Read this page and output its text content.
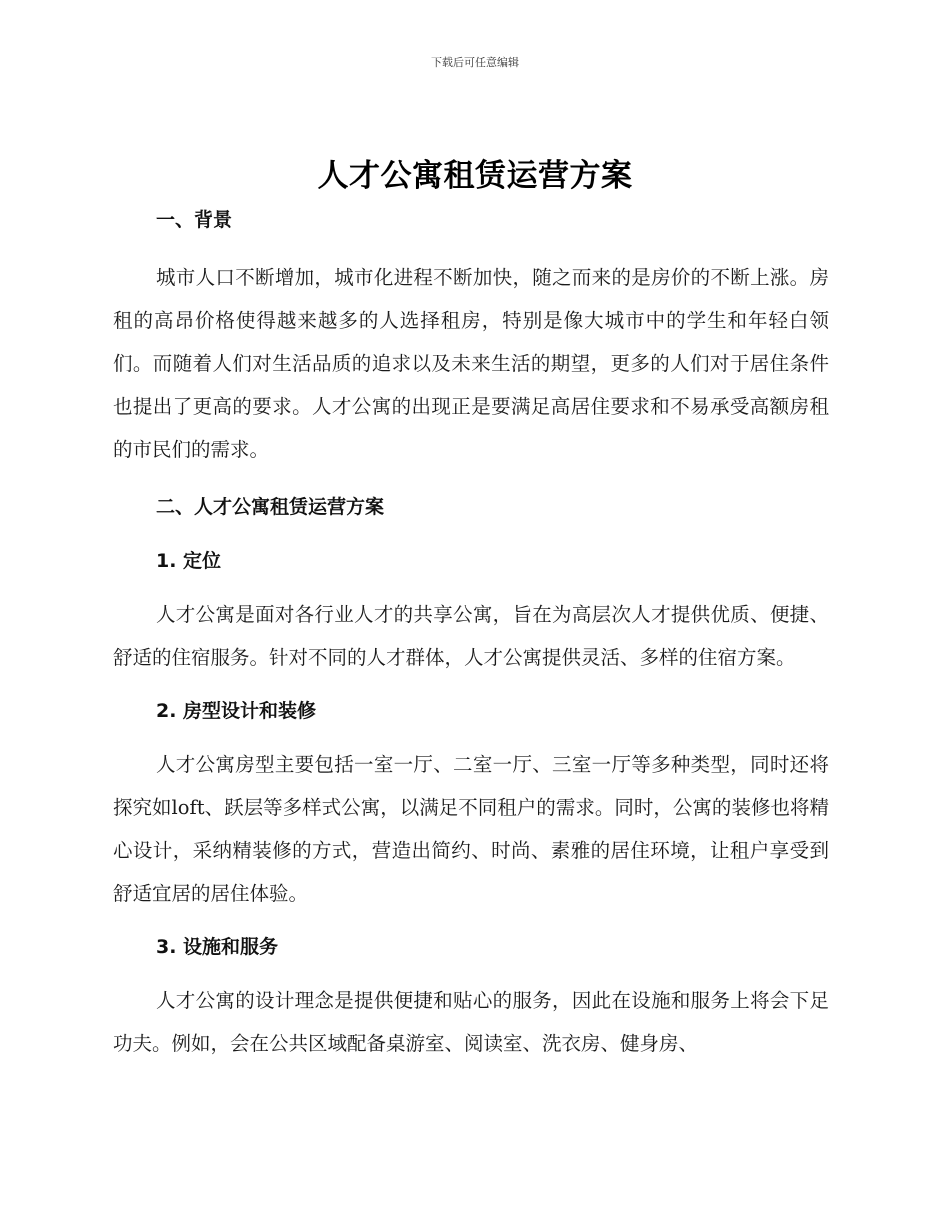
下载后可任意编辑
人才公寓租赁运营方案
一、背景

城市人口不断增加，城市化进程不断加快，随之而来的是房价的不断上涨。房租的高昂价格使得越来越多的人选择租房，特别是像大城市中的学生和年轻白领们。而随着人们对生活品质的追求以及未来生活的期望，更多的人们对于居住条件也提出了更高的要求。人才公寓的出现正是要满足高居住要求和不易承受高额房租的市民们的需求。

二、人才公寓租赁运营方案
1. 定位

人才公寓是面对各行业人才的共享公寓，旨在为高层次人才提供优质、便捷、舒适的住宿服务。针对不同的人才群体，人才公寓提供灵活、多样的住宿方案。

2. 房型设计和装修

人才公寓房型主要包括一室一厅、二室一厅、三室一厅等多种类型，同时还将探究如loft、跃层等多样式公寓，以满足不同租户的需求。同时，公寓的装修也将精心设计，采纳精装修的方式，营造出简约、时尚、素雅的居住环境，让租户享受到舒适宜居的居住体验。

3. 设施和服务

人才公寓的设计理念是提供便捷和贴心的服务，因此在设施和服务上将会下足功夫。例如，会在公共区域配备桌游室、阅读室、洗衣房、健身房、
